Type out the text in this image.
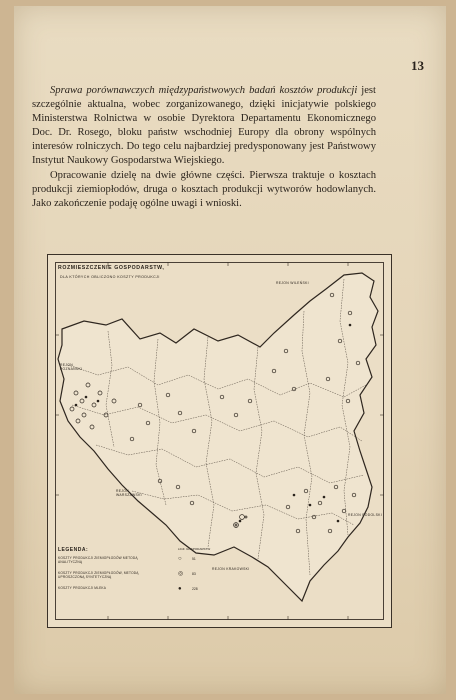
13

Sprawa porównawczych międzypaństwowych badań kosztów produkcji jest szczególnie aktualna, wobec zorganizowanego, dzięki inicjatywie polskiego Ministerstwa Rolnictwa w osobie Dyrektora Departamentu Ekonomicznego Doc. Dr. Rosego, bloku państw wschodniej Europy dla obrony wspólnych interesów rolniczych. Do tego celu najbardziej predysponowany jest Państwowy Instytut Naukowy Gospodarstwa Wiejskiego.

Opracowanie dzielę na dwie główne części. Pierwsza traktuje o kosztach produkcji ziemiopłodów, druga o kosztach produkcji wytworów hodowlanych. Jako zakończenie podaję ogólne uwagi i wnioski.

ROZMIESZCZENIE GOSPODARSTW,
DLA KTÓRYCH OBLICZONO KOSZTY PRODUKCJI
REJON WILEŃSKI
REJON POZNAŃSKI
REJON WARSZAWSKI
REJON PODOLSKI
REJON KRAKOWSKI
LEGENDA:	LICZ. GOSPODARSTW
KOSZTY PRODUKCJI ZIEMIOPŁODÓW METODĄ ANALITYCZNĄ	○	51
KOSZTY PRODUKCJI ZIEMIOPŁODÓW, METODĄ UPROSZCZONĄ SYNTETYCZNĄ	◎	83
KOSZTY PRODUKCJI MLEKA	●	228
